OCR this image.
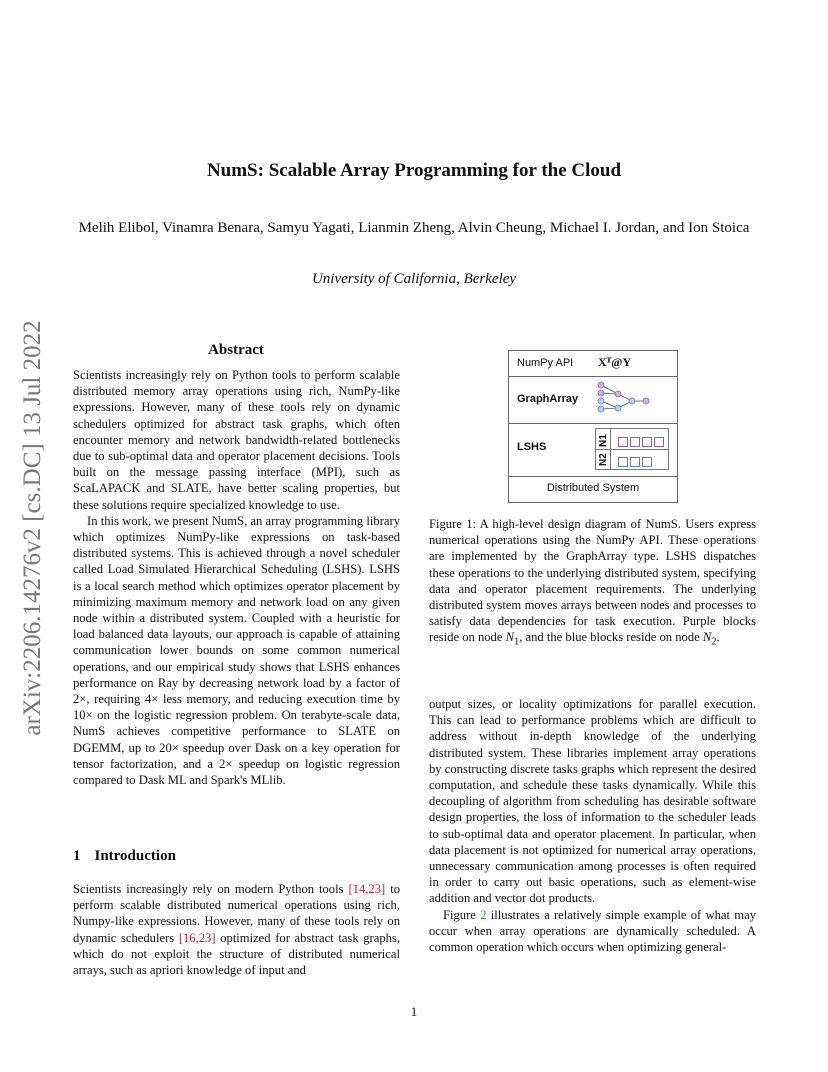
NumS: Scalable Array Programming for the Cloud
Melih Elibol, Vinamra Benara, Samyu Yagati, Lianmin Zheng, Alvin Cheung, Michael I. Jordan, and Ion Stoica
University of California, Berkeley
arXiv:2206.14276v2 [cs.DC] 13 Jul 2022	Abstract

Scientists increasingly rely on Python tools to perform scalable distributed memory array operations using rich, NumPy-like expressions. However, many of these tools rely on dynamic schedulers optimized for abstract task graphs, which often encounter memory and network bandwidth-related bottlenecks due to sub-optimal data and operator placement decisions. Tools built on the message passing interface (MPI), such as ScaLAPACK and SLATE, have better scaling properties, but these solutions require specialized knowledge to use.

In this work, we present NumS, an array programming library which optimizes NumPy-like expressions on task-based distributed systems. This is achieved through a novel scheduler called Load Simulated Hierarchical Scheduling (LSHS). LSHS is a local search method which optimizes operator placement by minimizing maximum memory and network load on any given node within a distributed system. Coupled with a heuristic for load balanced data layouts, our approach is capable of attaining communication lower bounds on some common numerical operations, and our empirical study shows that LSHS enhances performance on Ray by decreasing network load by a factor of 2×, requiring 4× less memory, and reducing execution time by 10× on the logistic regression problem. On terabyte-scale data, NumS achieves competitive performance to SLATE on DGEMM, up to 20× speedup over Dask on a key operation for tensor factorization, and a 2× speedup on logistic regression compared to Dask ML and Spark's MLlib.

1 Introduction

Scientists increasingly rely on modern Python tools [14,23] to perform scalable distributed numerical operations using rich, Numpy-like expressions. However, many of these tools rely on dynamic schedulers [16,23] optimized for abstract task graphs, which do not exploit the structure of distributed numerical arrays, such as apriori knowledge of input and

NumPy API Xᵀ@Y
GraphArray
LSHS	N1
N2
Distributed System

Figure 1: A high-level design diagram of NumS. Users express numerical operations using the NumPy API. These operations are implemented by the GraphArray type. LSHS dispatches these operations to the underlying distributed system, specifying data and operator placement requirements. The underlying distributed system moves arrays between nodes and processes to satisfy data dependencies for task execution. Purple blocks reside on node $N_1$, and the blue blocks reside on node $N_2$.

output sizes, or locality optimizations for parallel execution. This can lead to performance problems which are difficult to address without in-depth knowledge of the underlying distributed system. These libraries implement array operations by constructing discrete tasks graphs which represent the desired computation, and schedule these tasks dynamically. While this decoupling of algorithm from scheduling has desirable software design properties, the loss of information to the scheduler leads to sub-optimal data and operator placement. In particular, when data placement is not optimized for numerical array operations, unnecessary communication among processes is often required in order to carry out basic operations, such as element-wise addition and vector dot products.

Figure 2 illustrates a relatively simple example of what may occur when array operations are dynamically scheduled. A common operation which occurs when optimizing general-

1
